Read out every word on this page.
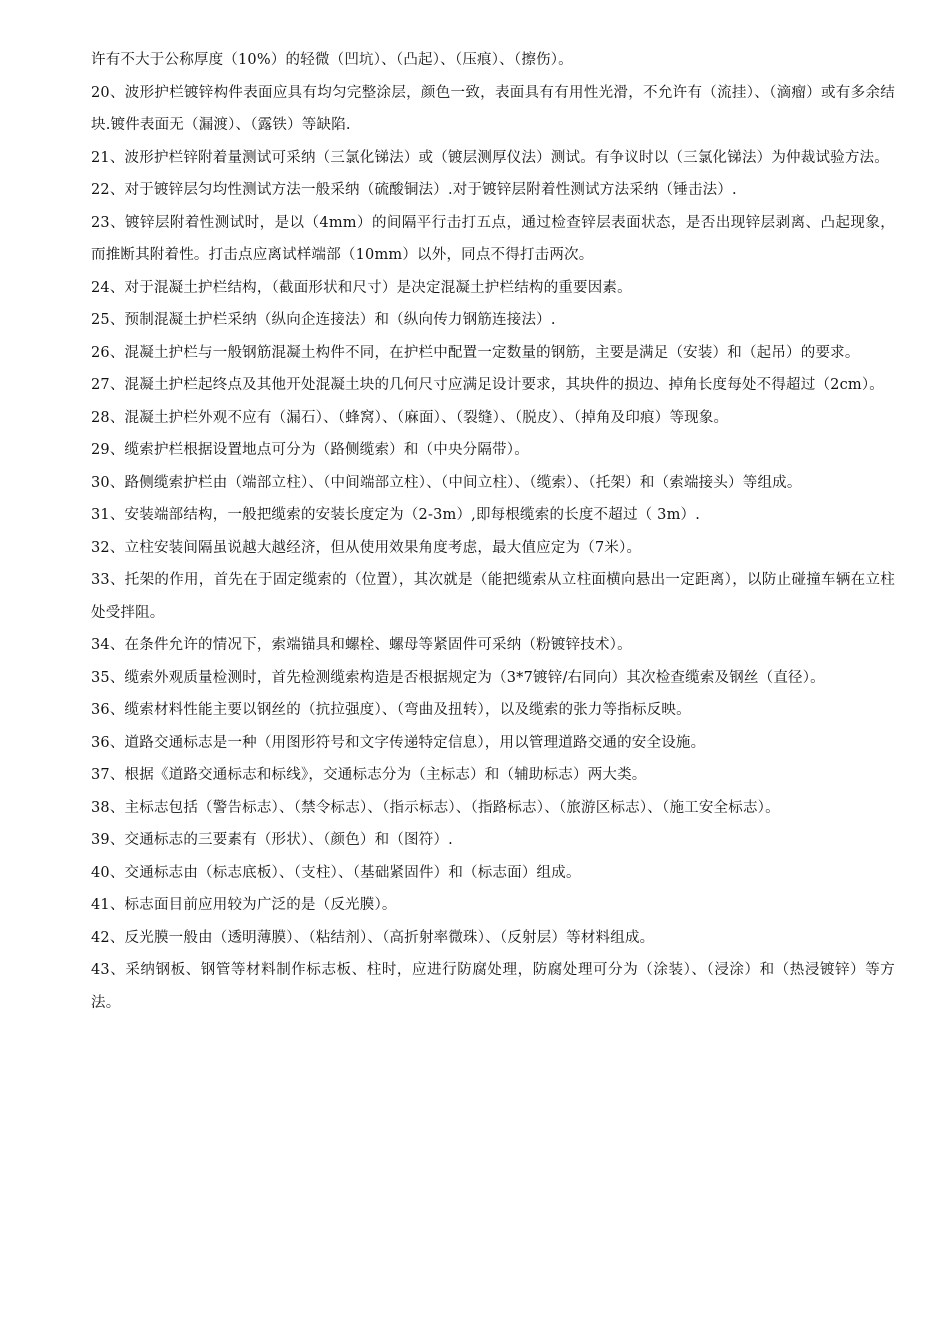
许有不大于公称厚度（10%）的轻微（凹坑）、（凸起）、（压痕）、（擦伤）。

20、波形护栏镀锌构件表面应具有均匀完整涂层，颜色一致，表面具有有用性光滑，不允许有（流挂）、（滴瘤）或有多余结块.镀件表面无（漏渡）、（露铁）等缺陷.

21、波形护栏锌附着量测试可采纳（三氯化锑法）或（镀层测厚仪法）测试。有争议时以（三氯化锑法）为仲裁试验方法。

22、对于镀锌层匀均性测试方法一般采纳（硫酸铜法）.对于镀锌层附着性测试方法采纳（锤击法）.

23、镀锌层附着性测试时，是以（4mm）的间隔平行击打五点，通过检查锌层表面状态，是否出现锌层剥离、凸起现象，而推断其附着性。打击点应离试样端部（10mm）以外，同点不得打击两次。

24、对于混凝土护栏结构，（截面形状和尺寸）是决定混凝土护栏结构的重要因素。

25、预制混凝土护栏采纳（纵向企连接法）和（纵向传力钢筋连接法）.

26、混凝土护栏与一般钢筋混凝土构件不同，在护栏中配置一定数量的钢筋，主要是满足（安装）和（起吊）的要求。

27、混凝土护栏起终点及其他开处混凝土块的几何尺寸应满足设计要求，其块件的损边、掉角长度每处不得超过（2cm）。

28、混凝土护栏外观不应有（漏石）、（蜂窝）、（麻面）、（裂缝）、（脱皮）、（掉角及印痕）等现象。

29、缆索护栏根据设置地点可分为（路侧缆索）和（中央分隔带）。

30、路侧缆索护栏由（端部立柱）、（中间端部立柱）、（中间立柱）、（缆索）、（托架）和（索端接头）等组成。

31、安装端部结构，一般把缆索的安装长度定为（2-3m）,即每根缆索的长度不超过（ 3m）.

32、立柱安装间隔虽说越大越经济，但从使用效果角度考虑，最大值应定为（7米）。

33、托架的作用，首先在于固定缆索的（位置），其次就是（能把缆索从立柱面横向悬出一定距离），以防止碰撞车辆在立柱处受拌阻。

34、在条件允许的情况下，索端锚具和螺栓、螺母等紧固件可采纳（粉镀锌技术）。

35、缆索外观质量检测时，首先检测缆索构造是否根据规定为（3*7镀锌/右同向）其次检查缆索及钢丝（直径）。

36、缆索材料性能主要以钢丝的（抗拉强度）、（弯曲及扭转），以及缆索的张力等指标反映。

36、道路交通标志是一种（用图形符号和文字传递特定信息），用以管理道路交通的安全设施。

37、根据《道路交通标志和标线》，交通标志分为（主标志）和（辅助标志）两大类。

38、主标志包括（警告标志）、（禁令标志）、（指示标志）、（指路标志）、（旅游区标志）、（施工安全标志）。

39、交通标志的三要素有（形状）、（颜色）和（图符）.

40、交通标志由（标志底板）、（支柱）、（基础紧固件）和（标志面）组成。

41、标志面目前应用较为广泛的是（反光膜）。

42、反光膜一般由（透明薄膜）、（粘结剂）、（高折射率微珠）、（反射层）等材料组成。

43、采纳钢板、钢管等材料制作标志板、柱时，应进行防腐处理，防腐处理可分为（涂装）、（浸涂）和（热浸镀锌）等方法。
